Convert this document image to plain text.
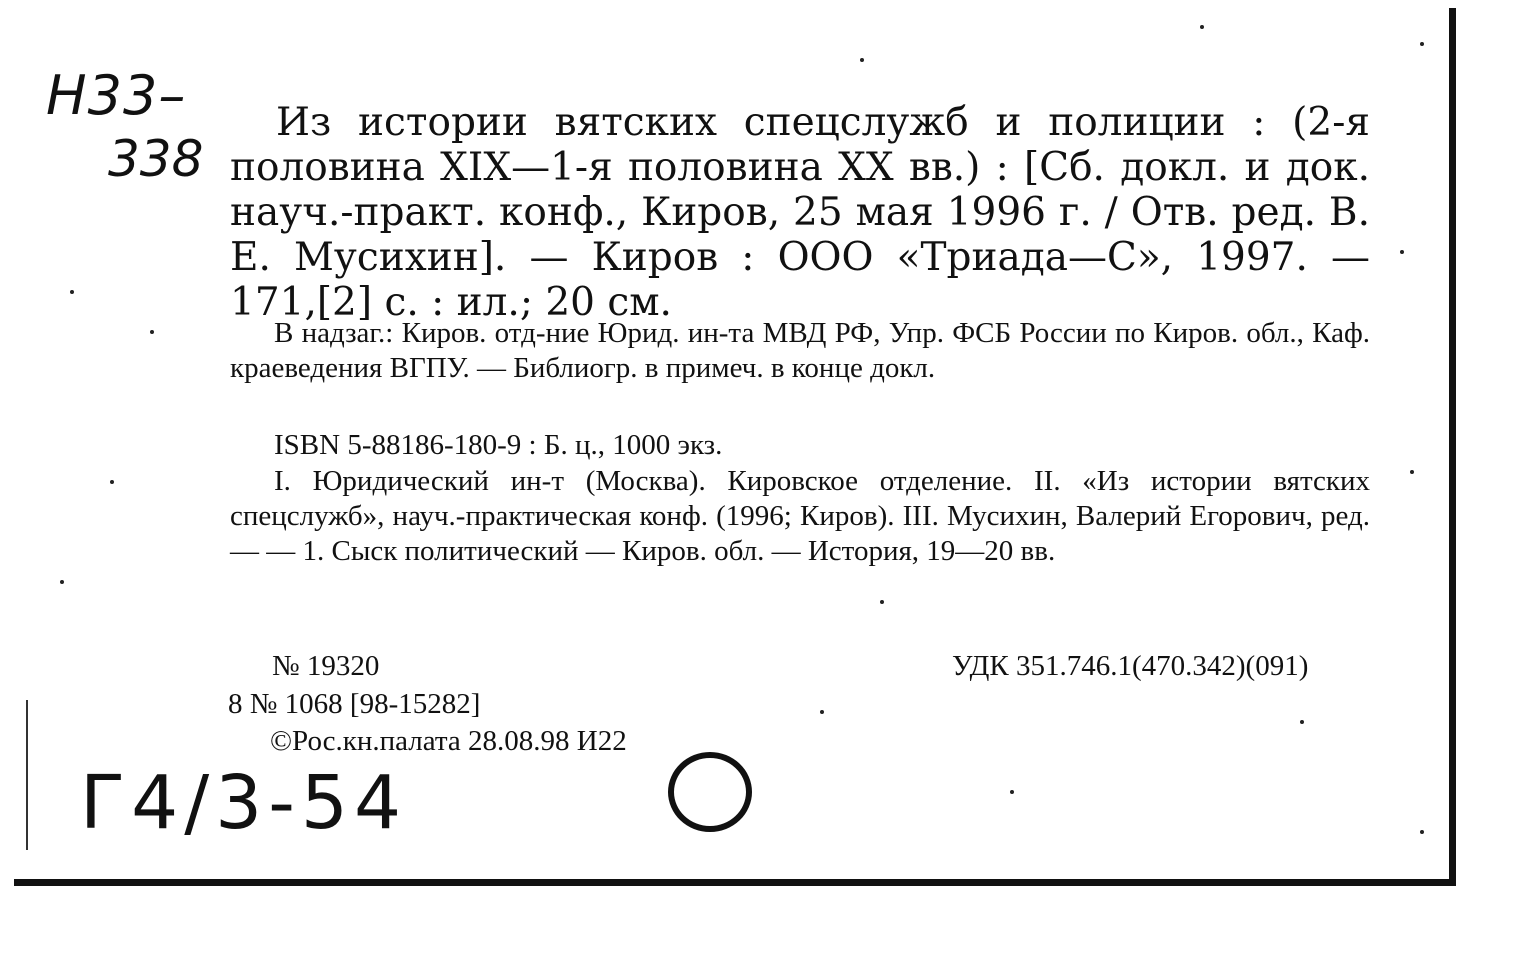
Н33–
338
Из истории вятских спецслужб и полиции : (2-я половина XIX—1-я половина XX вв.) : [Сб. докл. и док. науч.-практ. конф., Киров, 25 мая 1996 г. / Отв. ред. В. Е. Мусихин]. — Киров : ООО «Триада—С», 1997. — 171,[2] с. : ил.; 20 см.

В надзаг.: Киров. отд-ние Юрид. ин-та МВД РФ, Упр. ФСБ России по Киров. обл., Каф. краеведения ВГПУ. — Библиогр. в примеч. в конце докл.

ISBN 5-88186-180-9 : Б. ц., 1000 экз.

I. Юридический ин-т (Москва). Кировское отделение. II. «Из истории вятских спецслужб», науч.-практическая конф. (1996; Киров). III. Мусихин, Валерий Егорович, ред. — — 1. Сыск политический — Киров. обл. — История, 19—20 вв.

№ 19320	УДК 351.746.1(470.342)(091)
8 № 1068 [98-15282]
©Рос.кн.палата 28.08.98 И22
Г4/3-54
